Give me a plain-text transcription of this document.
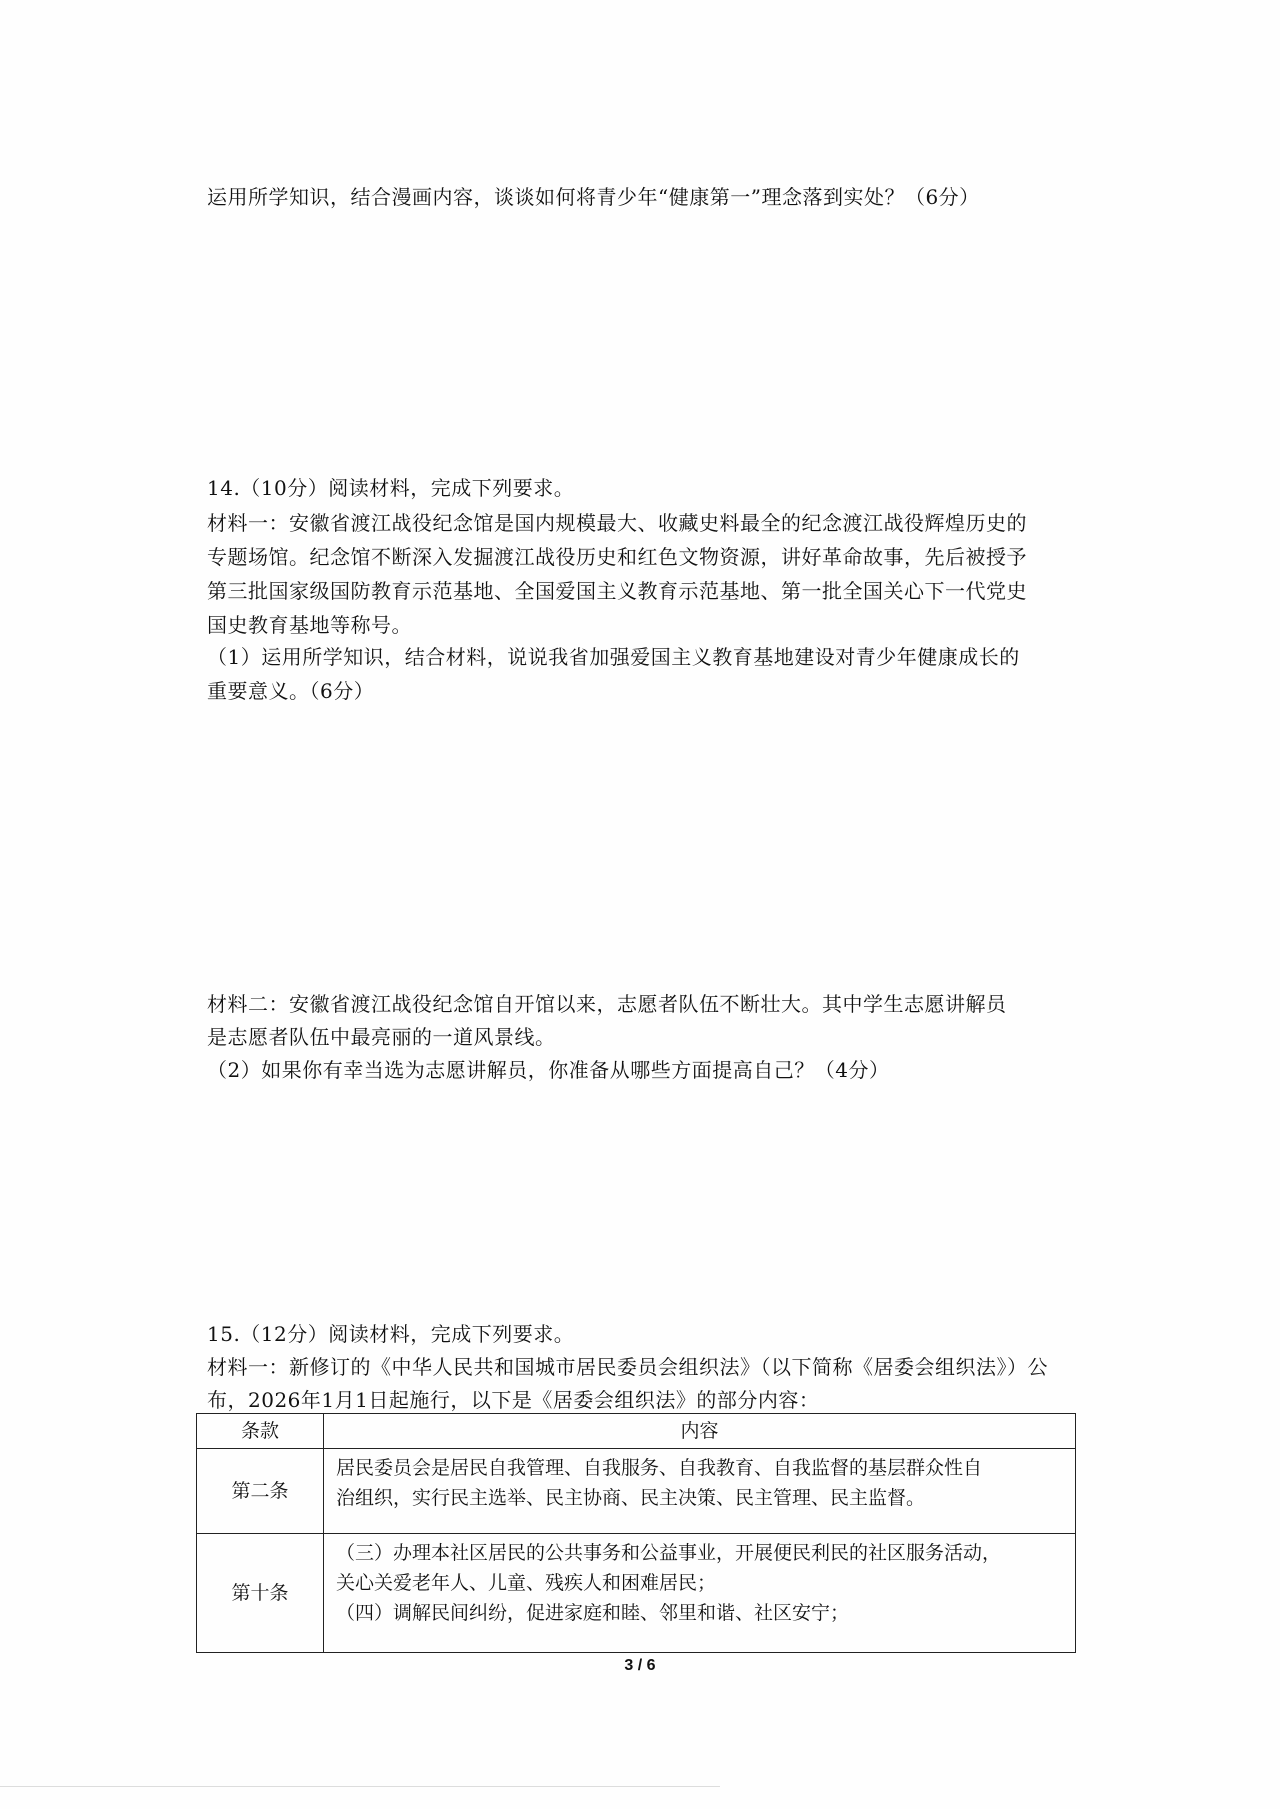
运用所学知识，结合漫画内容，谈谈如何将青少年“健康第一”理念落到实处？（6分）
14.（10分）阅读材料，完成下列要求。
材料一：安徽省渡江战役纪念馆是国内规模最大、收藏史料最全的纪念渡江战役辉煌历史的
专题场馆。纪念馆不断深入发掘渡江战役历史和红色文物资源，讲好革命故事，先后被授予
第三批国家级国防教育示范基地、全国爱国主义教育示范基地、第一批全国关心下一代党史
国史教育基地等称号。
（1）运用所学知识，结合材料，说说我省加强爱国主义教育基地建设对青少年健康成长的
重要意义。（6分）
材料二：安徽省渡江战役纪念馆自开馆以来，志愿者队伍不断壮大。其中学生志愿讲解员
是志愿者队伍中最亮丽的一道风景线。
（2）如果你有幸当选为志愿讲解员，你准备从哪些方面提高自己？（4分）
15.（12分）阅读材料，完成下列要求。
材料一：新修订的《中华人民共和国城市居民委员会组织法》（以下简称《居委会组织法》）公
布，2026年1月1日起施行，以下是《居委会组织法》的部分内容：
条款	内容
第二条	居民委员会是居民自我管理、自我服务、自我教育、自我监督的基层群众性自
治组织，实行民主选举、民主协商、民主决策、民主管理、民主监督。

第十条	（三）办理本社区居民的公共事务和公益事业，开展便民利民的社区服务活动，
关心关爱老年人、儿童、残疾人和困难居民；
（四）调解民间纠纷，促进家庭和睦、邻里和谐、社区安宁；
3 / 6
